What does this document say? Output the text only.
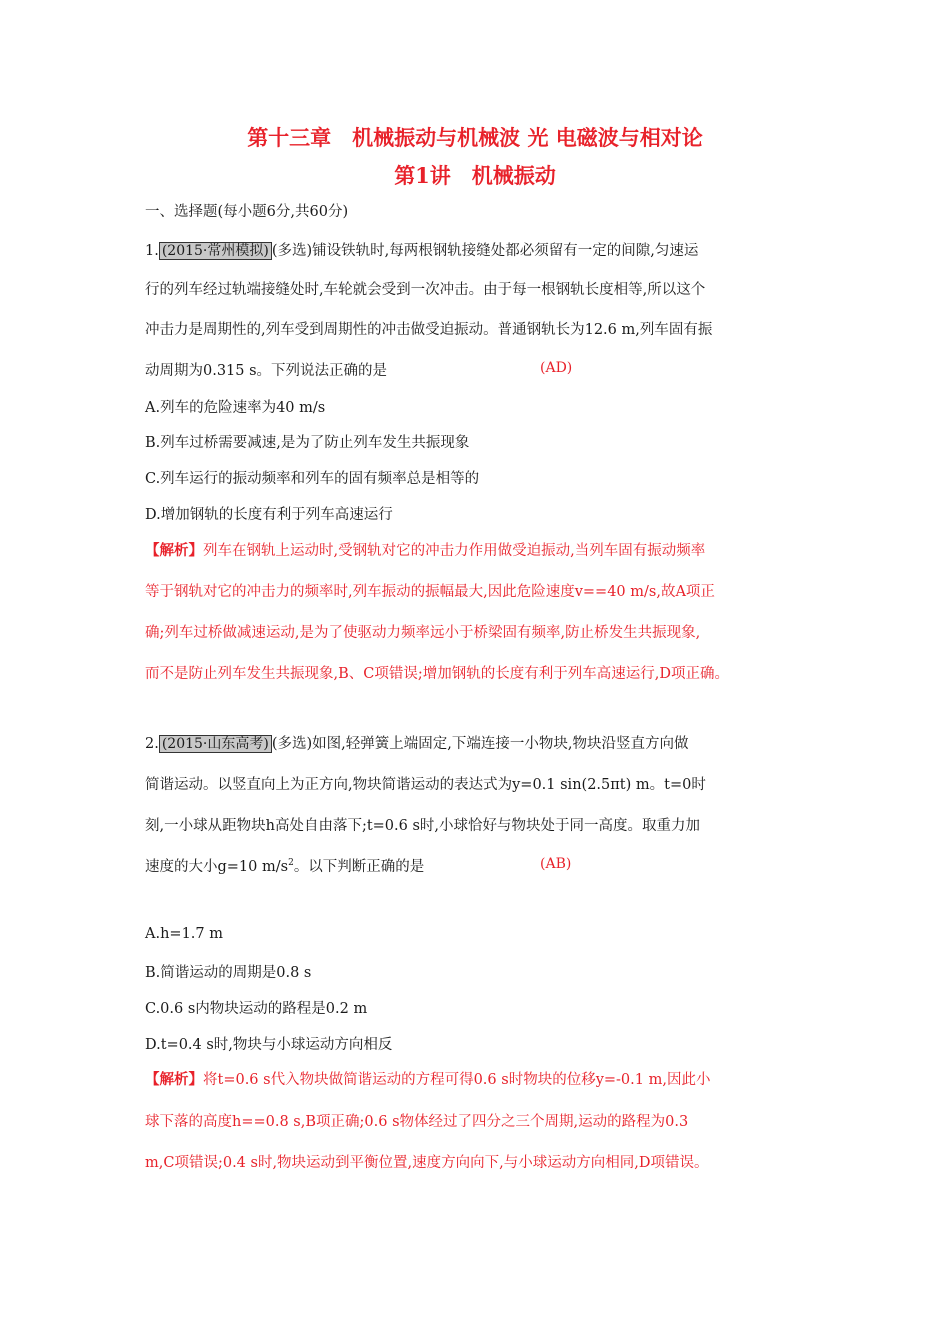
第十三章　机械振动与机械波 光 电磁波与相对论
第1讲　机械振动
一、选择题(每小题6分,共60分)
1. (2015·常州模拟) (多选)铺设铁轨时,每两根钢轨接缝处都必须留有一定的间隙,匀速运
行的列车经过轨端接缝处时,车轮就会受到一次冲击。由于每一根钢轨长度相等,所以这个
冲击力是周期性的,列车受到周期性的冲击做受迫振动。普通钢轨长为12.6 m,列车固有振
动周期为0.315 s。下列说法正确的是	(AD)
A.列车的危险速率为40 m/s
B.列车过桥需要减速,是为了防止列车发生共振现象
C.列车运行的振动频率和列车的固有频率总是相等的
D.增加钢轨的长度有利于列车高速运行
【解析】列车在钢轨上运动时,受钢轨对它的冲击力作用做受迫振动,当列车固有振动频率
等于钢轨对它的冲击力的频率时,列车振动的振幅最大,因此危险速度v==40 m/s,故A项正
确;列车过桥做减速运动,是为了使驱动力频率远小于桥梁固有频率,防止桥发生共振现象,
而不是防止列车发生共振现象,B、C项错误;增加钢轨的长度有利于列车高速运行,D项正确。
2. (2015·山东高考) (多选)如图,轻弹簧上端固定,下端连接一小物块,物块沿竖直方向做
简谐运动。以竖直向上为正方向,物块简谐运动的表达式为y=0.1 sin(2.5πt) m。t=0时
刻,一小球从距物块h高处自由落下;t=0.6 s时,小球恰好与物块处于同一高度。取重力加
速度的大小g=10 $m/s^2$。以下判断正确的是	(AB)
A.h=1.7 m
B.简谐运动的周期是0.8 s
C.0.6 s内物块运动的路程是0.2 m
D.t=0.4 s时,物块与小球运动方向相反
【解析】将t=0.6 s代入物块做简谐运动的方程可得0.6 s时物块的位移y=-0.1 m,因此小
球下落的高度h==0.8 s,B项正确;0.6 s物体经过了四分之三个周期,运动的路程为0.3
m,C项错误;0.4 s时,物块运动到平衡位置,速度方向向下,与小球运动方向相同,D项错误。
